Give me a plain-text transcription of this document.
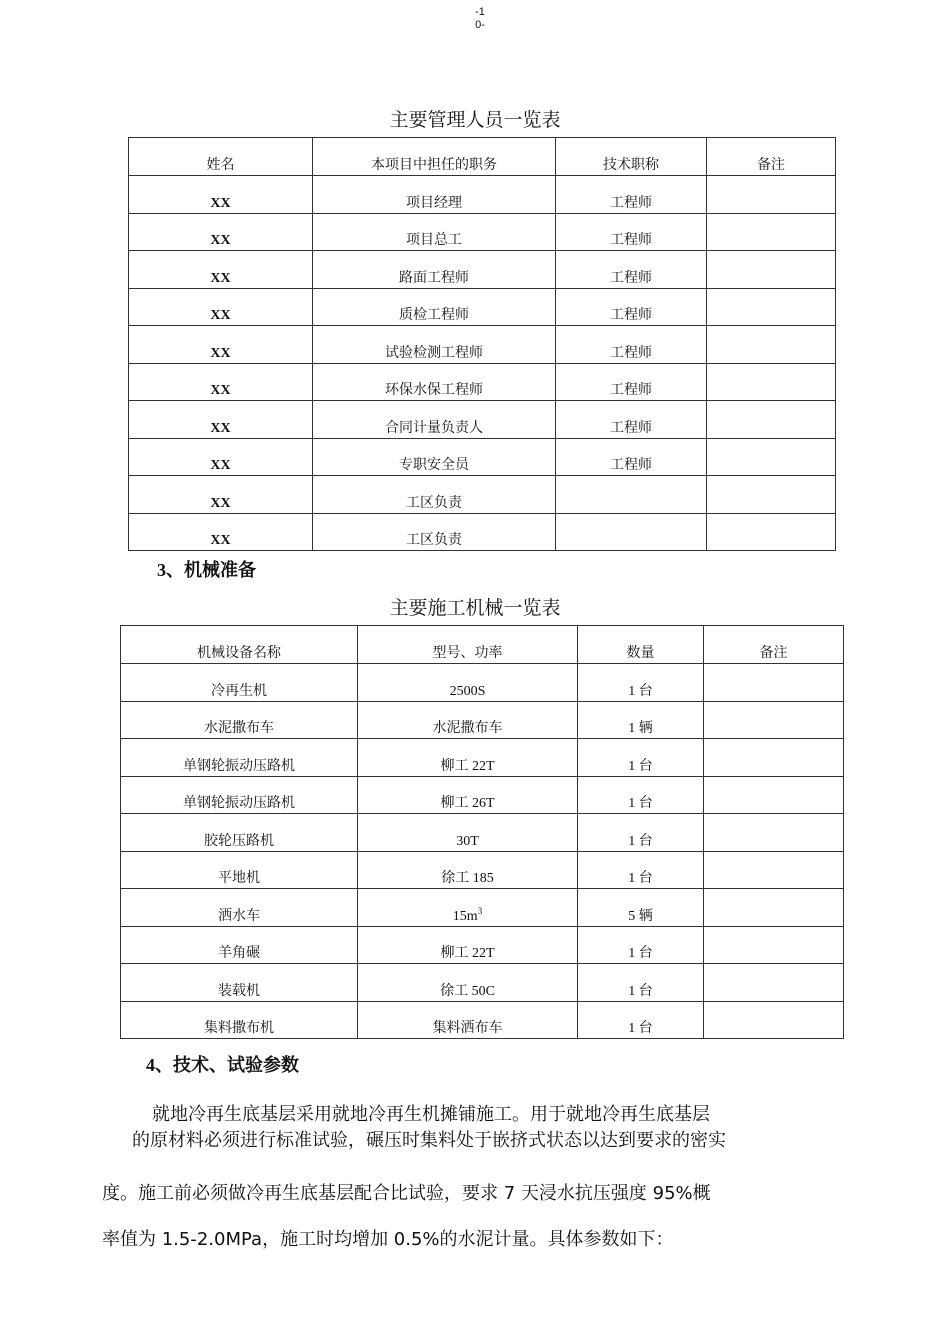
-1
0-
主要管理人员一览表
姓名	本项目中担任的职务	技术职称	备注

XX	项目经理	工程师	

XX	项目总工	工程师	

XX	路面工程师	工程师	

XX	质检工程师	工程师	

XX	试验检测工程师	工程师	

XX	环保水保工程师	工程师	

XX	合同计量负责人	工程师	

XX	专职安全员	工程师	

XX	工区负责		

XX	工区负责		

3、机械准备
主要施工机械一览表
机械设备名称	型号、功率	数量	备注

冷再生机	2500S	1 台	

水泥撒布车	水泥撒布车	1 辆	

单钢轮振动压路机	柳工 22T	1 台	

单钢轮振动压路机	柳工 26T	1 台	

胶轮压路机	30T	1 台	

平地机	徐工 185	1 台	

洒水车	$15m^3$	5 辆	

羊角碾	柳工 22T	1 台	

装载机	徐工 50C	1 台	

集料撒布机	集料洒布车	1 台	

4、技术、试验参数
就地冷再生底基层采用就地冷再生机摊铺施工。用于就地冷再生底基层
的原材料必须进行标准试验，碾压时集料处于嵌挤式状态以达到要求的密实
度。施工前必须做冷再生底基层配合比试验，要求 7 天浸水抗压强度 95%概
率值为 1.5-2.0MPa，施工时均增加 0.5%的水泥计量。具体参数如下：
